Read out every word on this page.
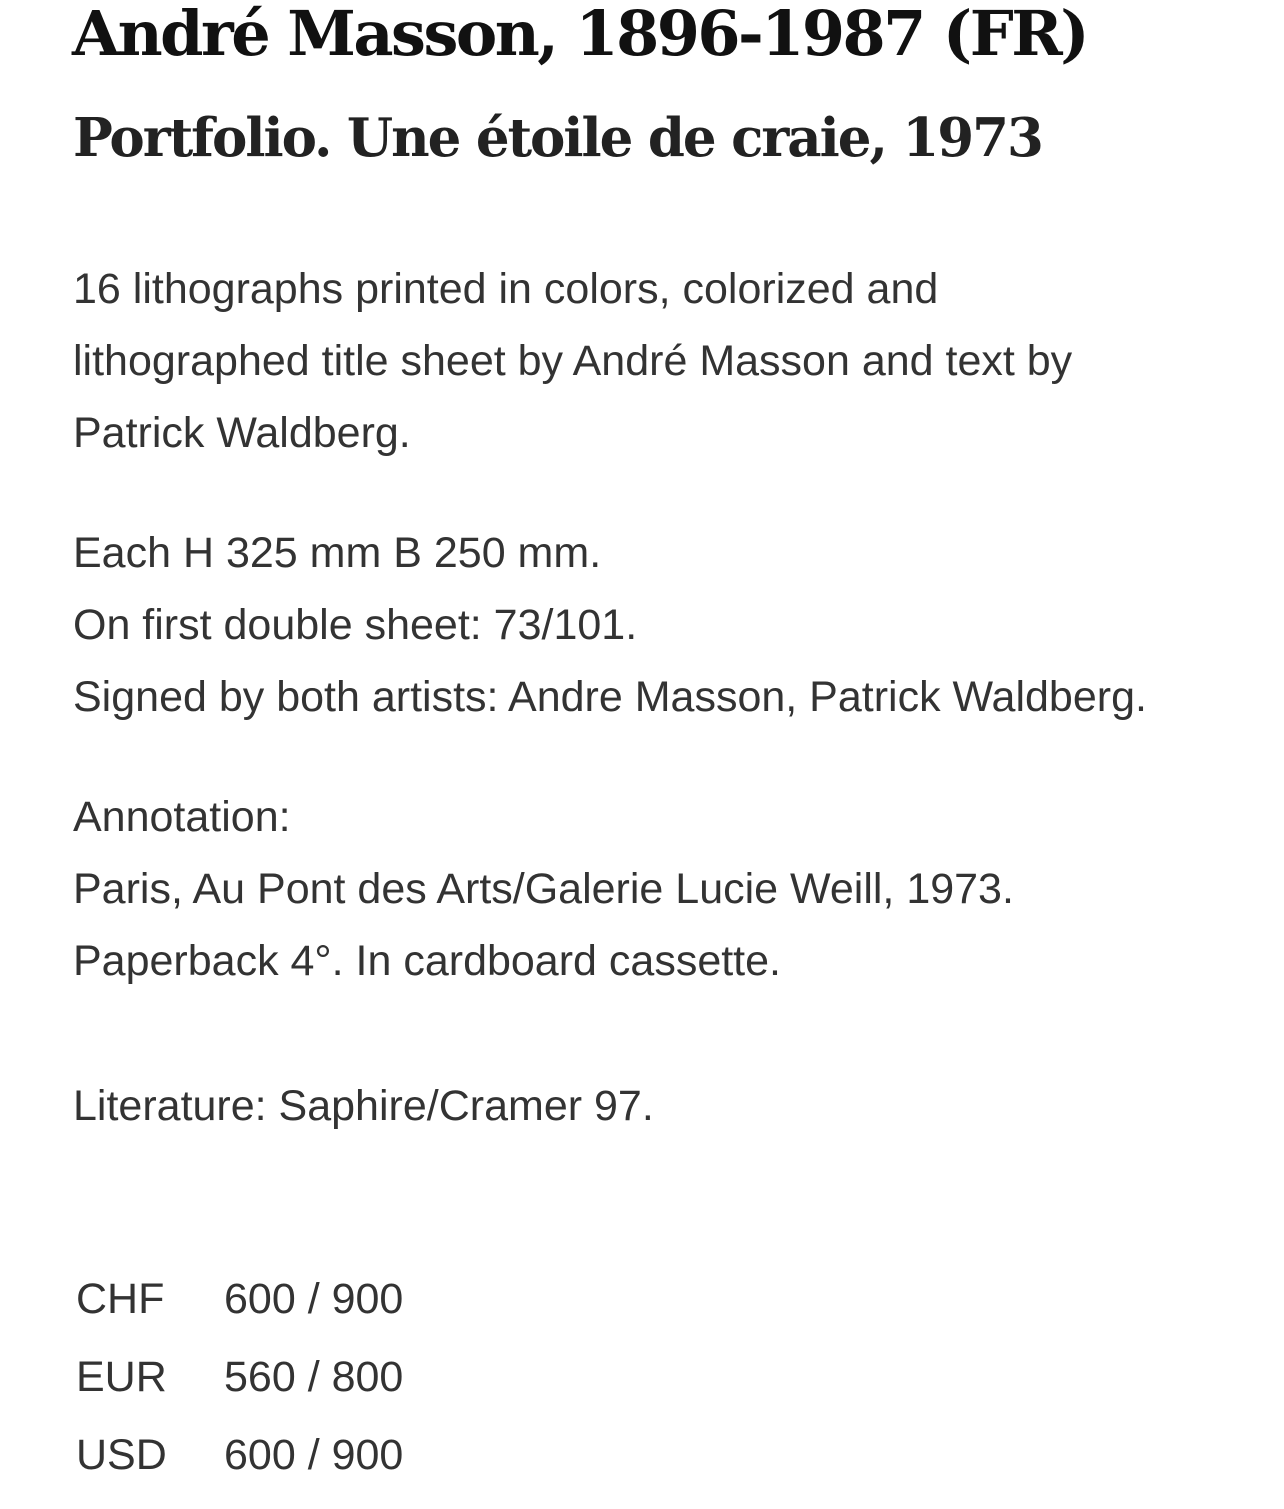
André Masson, 1896-1987 (FR)
Portfolio. Une étoile de craie, 1973

16 lithographs printed in colors, colorized and
lithographed title sheet by André Masson and text by
Patrick Waldberg.

Each H 325 mm B 250 mm.
On first double sheet: 73/101.
Signed by both artists: Andre Masson, Patrick Waldberg.

Annotation:
Paris, Au Pont des Arts/Galerie Lucie Weill, 1973.
Paperback 4°. In cardboard cassette.

Literature: Saphire/Cramer 97.

CHF	600 / 900
EUR	560 / 800
USD	600 / 900
